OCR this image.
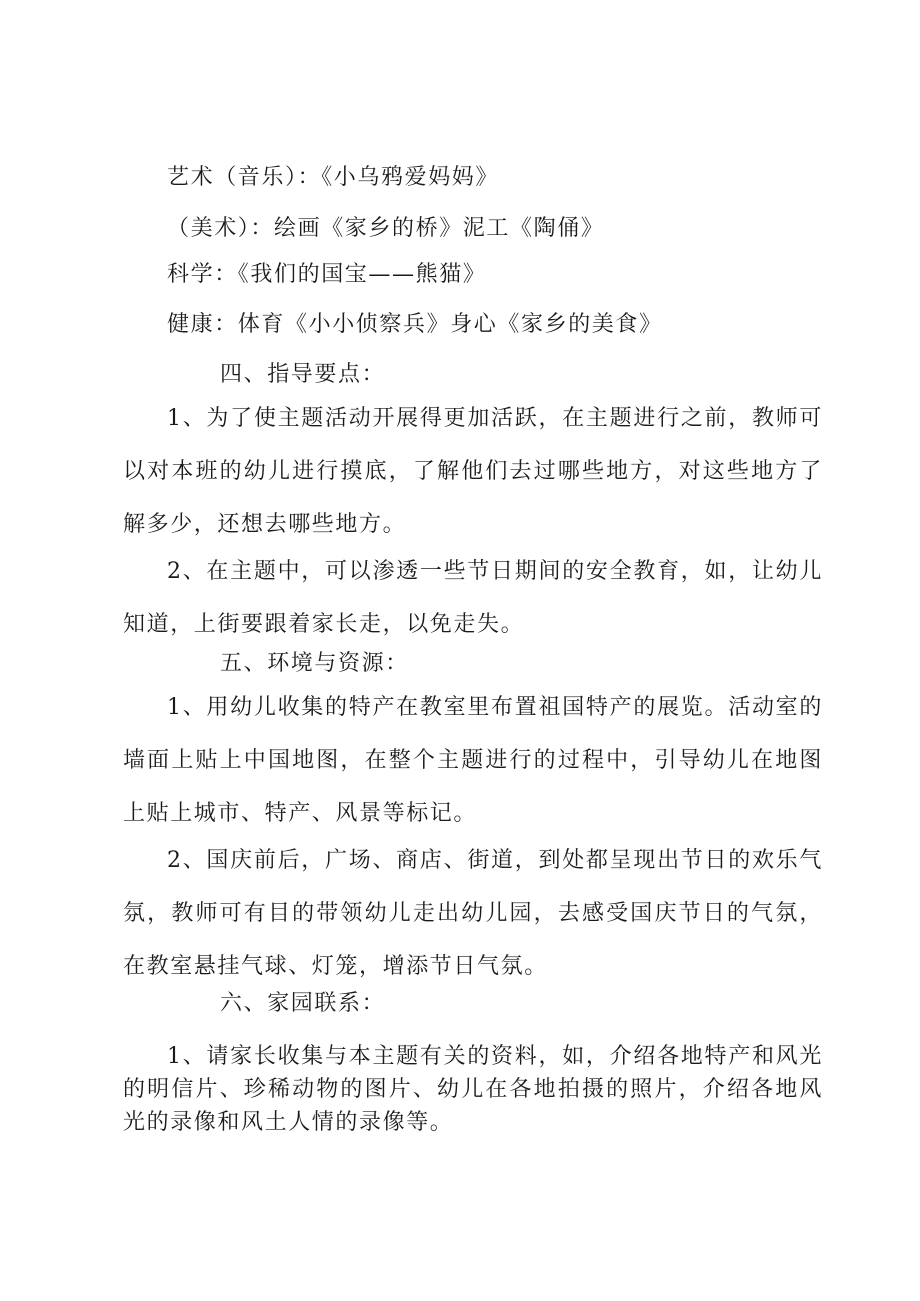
艺术（音乐）：《小乌鸦爱妈妈》
（美术）：绘画《家乡的桥》泥工《陶俑》
科学：《我们的国宝——熊猫》
健康：体育《小小侦察兵》身心《家乡的美食》
四、指导要点：
1、为了使主题活动开展得更加活跃，在主题进行之前，教师可以对本班的幼儿进行摸底，了解他们去过哪些地方，对这些地方了解多少，还想去哪些地方。
2、在主题中，可以渗透一些节日期间的安全教育，如，让幼儿知道，上街要跟着家长走，以免走失。
五、环境与资源：
1、用幼儿收集的特产在教室里布置祖国特产的展览。活动室的墙面上贴上中国地图，在整个主题进行的过程中，引导幼儿在地图上贴上城市、特产、风景等标记。
2、国庆前后，广场、商店、街道，到处都呈现出节日的欢乐气氛，教师可有目的带领幼儿走出幼儿园，去感受国庆节日的气氛，在教室悬挂气球、灯笼，增添节日气氛。
六、家园联系：
1、请家长收集与本主题有关的资料，如，介绍各地特产和风光的明信片、珍稀动物的图片、幼儿在各地拍摄的照片，介绍各地风光的录像和风土人情的录像等。
